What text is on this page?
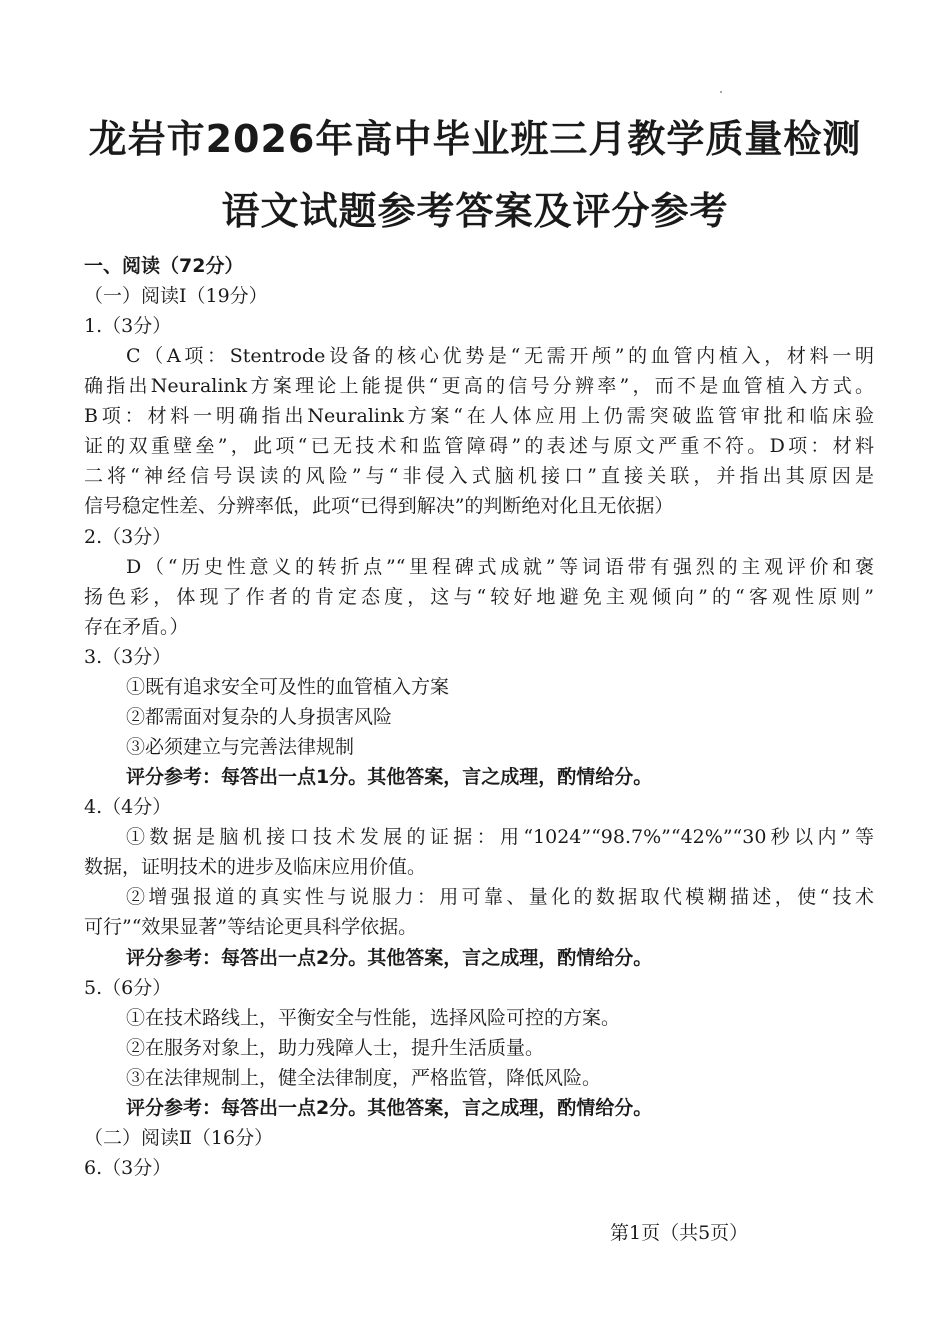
龙岩市2026年高中毕业班三月教学质量检测
语文试题参考答案及评分参考
一、阅读（72分）
（一）阅读Ⅰ（19分）
1.（3分）
C（A项：Stentrode设备的核心优势是“无需开颅”的血管内植入，材料一明
确指出Neuralink方案理论上能提供“更高的信号分辨率”，而不是血管植入方式。
B项：材料一明确指出Neuralink方案“在人体应用上仍需突破监管审批和临床验
证的双重壁垒”，此项“已无技术和监管障碍”的表述与原文严重不符。D项：材料
二将“神经信号误读的风险”与“非侵入式脑机接口”直接关联，并指出其原因是
信号稳定性差、分辨率低，此项“已得到解决”的判断绝对化且无依据）
2.（3分）
D（“历史性意义的转折点”“里程碑式成就”等词语带有强烈的主观评价和褒
扬色彩，体现了作者的肯定态度，这与“较好地避免主观倾向”的“客观性原则”
存在矛盾。）
3.（3分）
①既有追求安全可及性的血管植入方案
②都需面对复杂的人身损害风险
③必须建立与完善法律规制
评分参考：每答出一点1分。其他答案，言之成理，酌情给分。
4.（4分）
①数据是脑机接口技术发展的证据：用“1024”“98.7%”“42%”“30秒以内”等
数据，证明技术的进步及临床应用价值。
②增强报道的真实性与说服力：用可靠、量化的数据取代模糊描述，使“技术
可行”“效果显著”等结论更具科学依据。
评分参考：每答出一点2分。其他答案，言之成理，酌情给分。
5.（6分）
①在技术路线上，平衡安全与性能，选择风险可控的方案。
②在服务对象上，助力残障人士，提升生活质量。
③在法律规制上，健全法律制度，严格监管，降低风险。
评分参考：每答出一点2分。其他答案，言之成理，酌情给分。
（二）阅读Ⅱ（16分）
6.（3分）
第1页（共5页）
